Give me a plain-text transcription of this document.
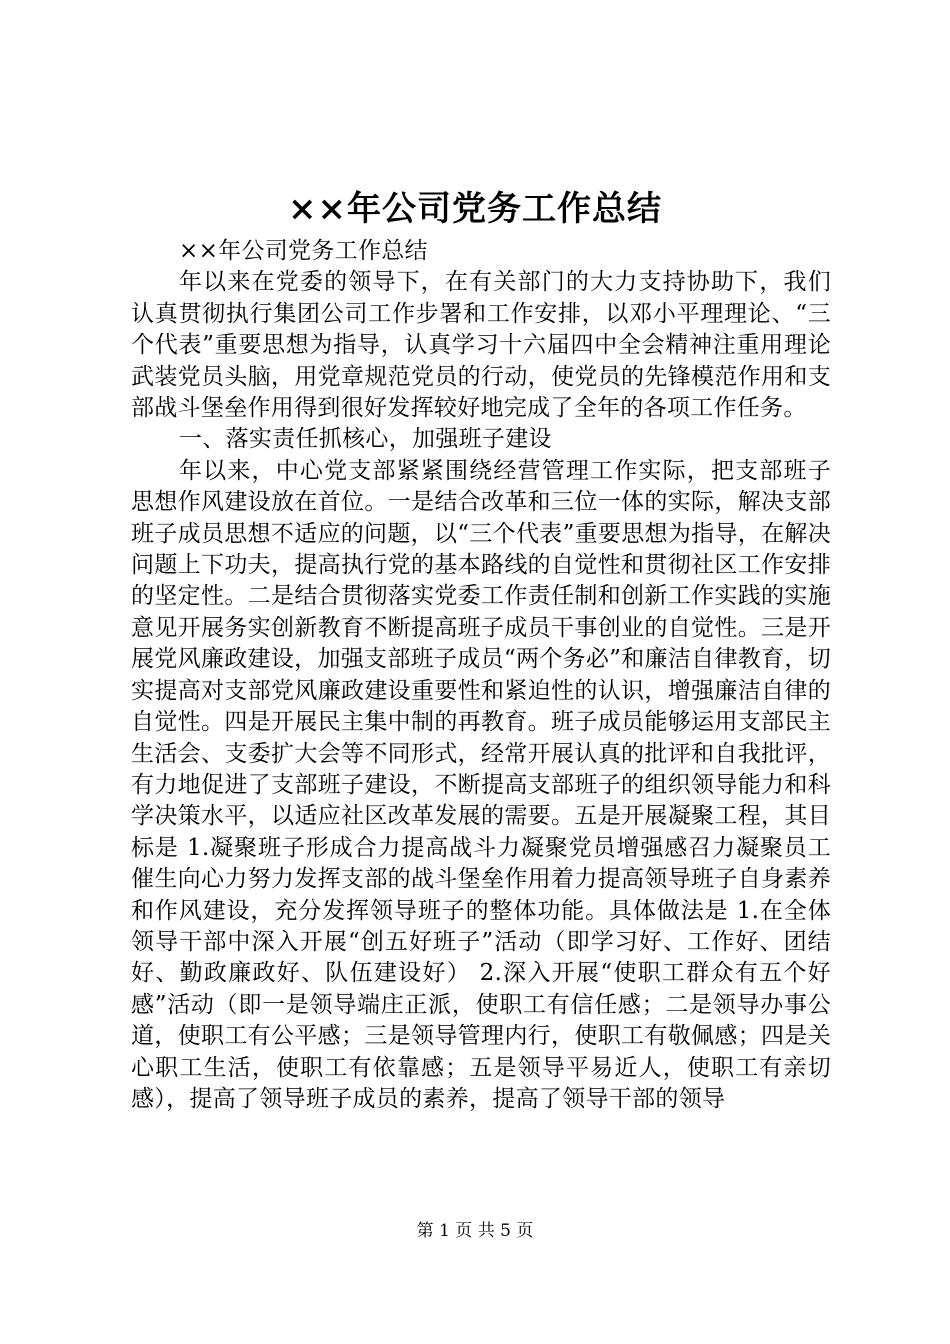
××年公司党务工作总结

××年公司党务工作总结

年以来在党委的领导下，在有关部门的大力支持协助下，我们认真贯彻执行集团公司工作步署和工作安排，以邓小平理理论、“三个代表”重要思想为指导，认真学习十六届四中全会精神注重用理论武装党员头脑，用党章规范党员的行动，使党员的先锋模范作用和支部战斗堡垒作用得到很好发挥较好地完成了全年的各项工作任务。

一、落实责任抓核心，加强班子建设

年以来，中心党支部紧紧围绕经营管理工作实际，把支部班子思想作风建设放在首位。一是结合改革和三位一体的实际，解决支部班子成员思想不适应的问题，以“三个代表”重要思想为指导，在解决问题上下功夫，提高执行党的基本路线的自觉性和贯彻社区工作安排的坚定性。二是结合贯彻落实党委工作责任制和创新工作实践的实施意见开展务实创新教育不断提高班子成员干事创业的自觉性。三是开展党风廉政建设，加强支部班子成员“两个务必”和廉洁自律教育，切实提高对支部党风廉政建设重要性和紧迫性的认识，增强廉洁自律的自觉性。四是开展民主集中制的再教育。班子成员能够运用支部民主生活会、支委扩大会等不同形式，经常开展认真的批评和自我批评，有力地促进了支部班子建设，不断提高支部班子的组织领导能力和科学决策水平，以适应社区改革发展的需要。五是开展凝聚工程，其目标是 1.凝聚班子形成合力提高战斗力凝聚党员增强感召力凝聚员工催生向心力努力发挥支部的战斗堡垒作用着力提高领导班子自身素养和作风建设，充分发挥领导班子的整体功能。具体做法是 1.在全体领导干部中深入开展“创五好班子”活动（即学习好、工作好、团结好、勤政廉政好、队伍建设好） 2.深入开展“使职工群众有五个好感”活动（即一是领导端庄正派，使职工有信任感；二是领导办事公道，使职工有公平感；三是领导管理内行，使职工有敬佩感；四是关心职工生活，使职工有依靠感；五是领导平易近人，使职工有亲切感），提高了领导班子成员的素养，提高了领导干部的领导

第 1 页 共 5 页
